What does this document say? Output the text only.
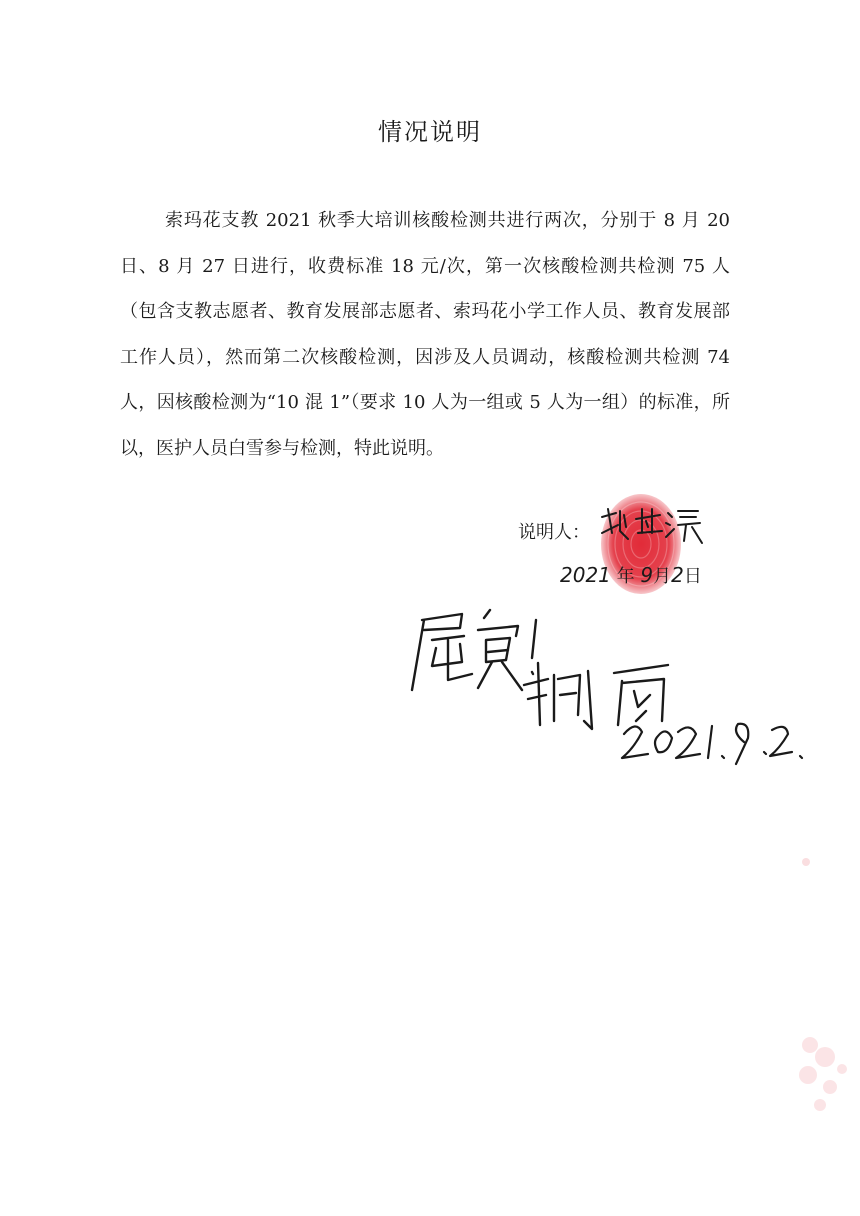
情况说明

索玛花支教 2021 秋季大培训核酸检测共进行两次，分别于 8 月 20 日、8 月 27 日进行，收费标准 18 元/次，第一次核酸检测共检测 75 人（包含支教志愿者、教育发展部志愿者、索玛花小学工作人员、教育发展部工作人员），然而第二次核酸检测，因涉及人员调动，核酸检测共检测 74 人，因核酸检测为“10 混 1”（要求 10 人为一组或 5 人为一组）的标准，所以，医护人员白雪参与检测，特此说明。

说明人：
2021 年 9月2日
